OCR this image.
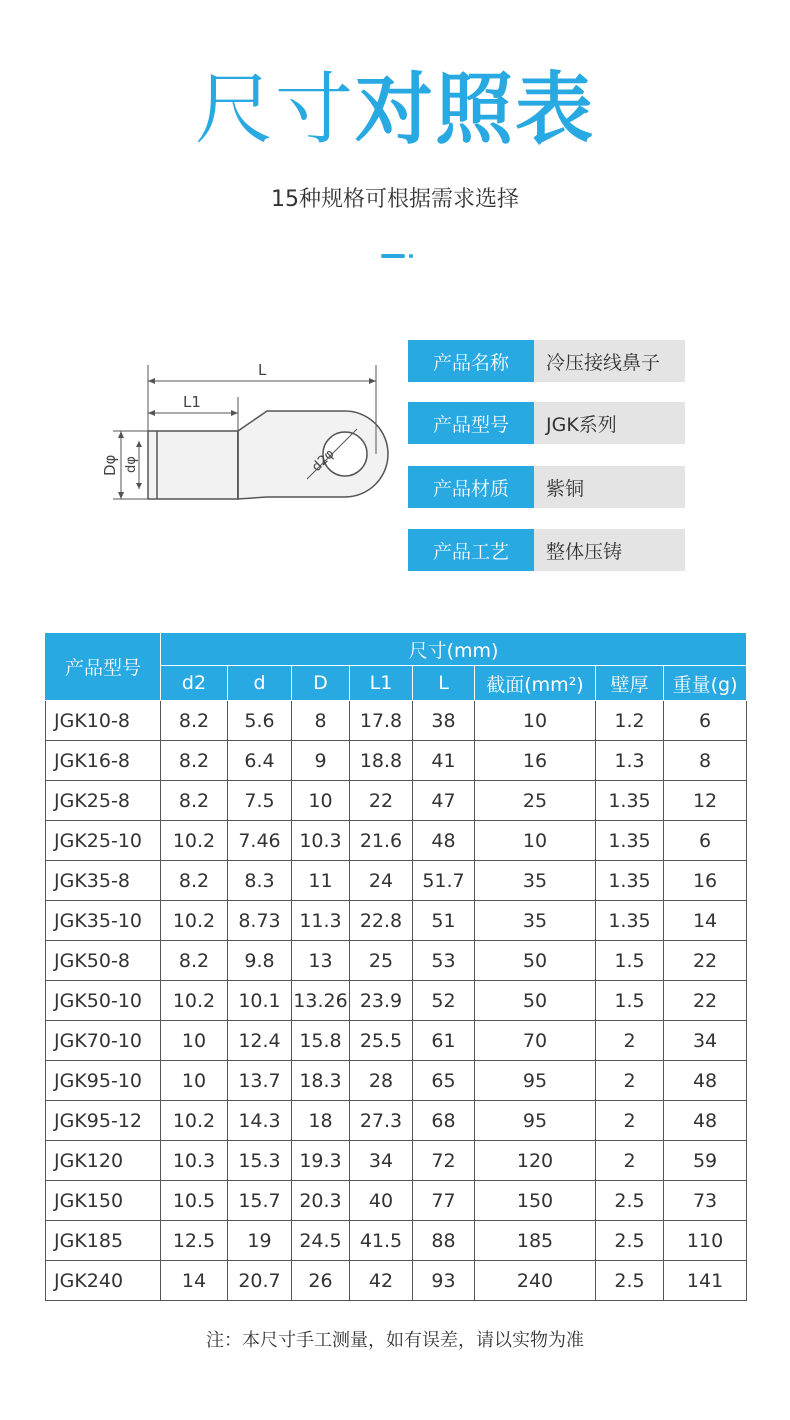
尺寸对照表
15种规格可根据需求选择
L
L1
Dφ dφ	d2φ
产品名称	冷压接线鼻子
产品型号	JGK系列
产品材质	紫铜
产品工艺	整体压铸
产品型号	尺寸(mm)							
	d2	d	D	L1	L	截面(mm²)	壁厚	重量(g)
JGK10-8	8.2	5.6	8	17.8	38	10	1.2	6
JGK16-8	8.2	6.4	9	18.8	41	16	1.3	8
JGK25-8	8.2	7.5	10	22	47	25	1.35	12
JGK25-10	10.2	7.46	10.3	21.6	48	10	1.35	6
JGK35-8	8.2	8.3	11	24	51.7	35	1.35	16
JGK35-10	10.2	8.73	11.3	22.8	51	35	1.35	14
JGK50-8	8.2	9.8	13	25	53	50	1.5	22
JGK50-10	10.2	10.1	13.26	23.9	52	50	1.5	22
JGK70-10	10	12.4	15.8	25.5	61	70	2	34
JGK95-10	10	13.7	18.3	28	65	95	2	48
JGK95-12	10.2	14.3	18	27.3	68	95	2	48
JGK120	10.3	15.3	19.3	34	72	120	2	59
JGK150	10.5	15.7	20.3	40	77	150	2.5	73
JGK185	12.5	19	24.5	41.5	88	185	2.5	110
JGK240	14	20.7	26	42	93	240	2.5	141
注：本尺寸手工测量，如有误差，请以实物为准
